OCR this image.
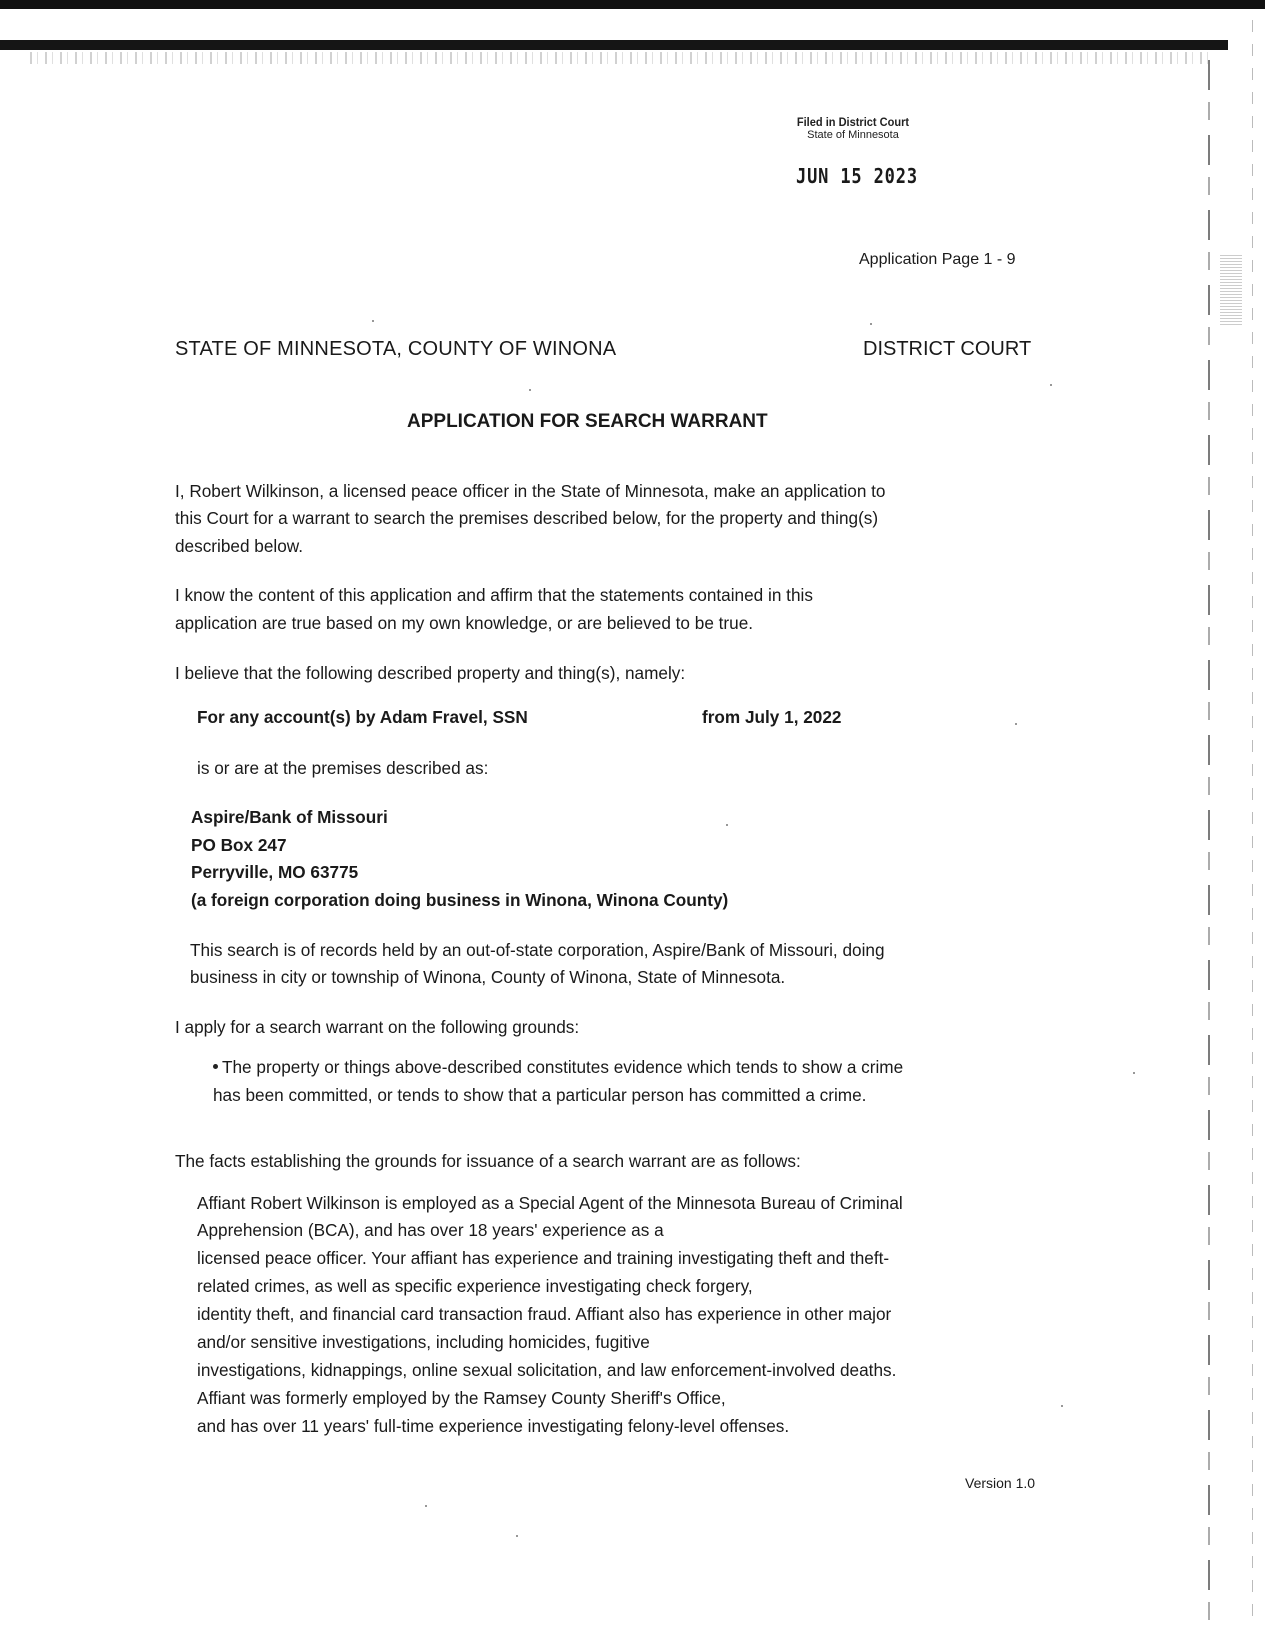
Filed in District Court
State of Minnesota
JUN 15 2023
Application Page 1 - 9
STATE OF MINNESOTA, COUNTY OF WINONA	DISTRICT COURT
APPLICATION FOR SEARCH WARRANT
I, Robert Wilkinson, a licensed peace officer in the State of Minnesota, make an application to
this Court for a warrant to search the premises described below, for the property and thing(s)
described below.
I know the content of this application and affirm that the statements contained in this
application are true based on my own knowledge, or are believed to be true.
I believe that the following described property and thing(s), namely:
For any account(s) by Adam Fravel, SSN	from July 1, 2022
is or are at the premises described as:
Aspire/Bank of Missouri
PO Box 247
Perryville, MO 63775
(a foreign corporation doing business in Winona, Winona County)
This search is of records held by an out-of-state corporation, Aspire/Bank of Missouri, doing
business in city or township of Winona, County of Winona, State of Minnesota.
I apply for a search warrant on the following grounds:
The property or things above-described constitutes evidence which tends to show a crime
has been committed, or tends to show that a particular person has committed a crime.
The facts establishing the grounds for issuance of a search warrant are as follows:
Affiant Robert Wilkinson is employed as a Special Agent of the Minnesota Bureau of Criminal
Apprehension (BCA), and has over 18 years' experience as a
licensed peace officer. Your affiant has experience and training investigating theft and theft-
related crimes, as well as specific experience investigating check forgery,
identity theft, and financial card transaction fraud. Affiant also has experience in other major
and/or sensitive investigations, including homicides, fugitive
investigations, kidnappings, online sexual solicitation, and law enforcement-involved deaths.
Affiant was formerly employed by the Ramsey County Sheriff's Office,
and has over 11 years' full-time experience investigating felony-level offenses.
Version 1.0
